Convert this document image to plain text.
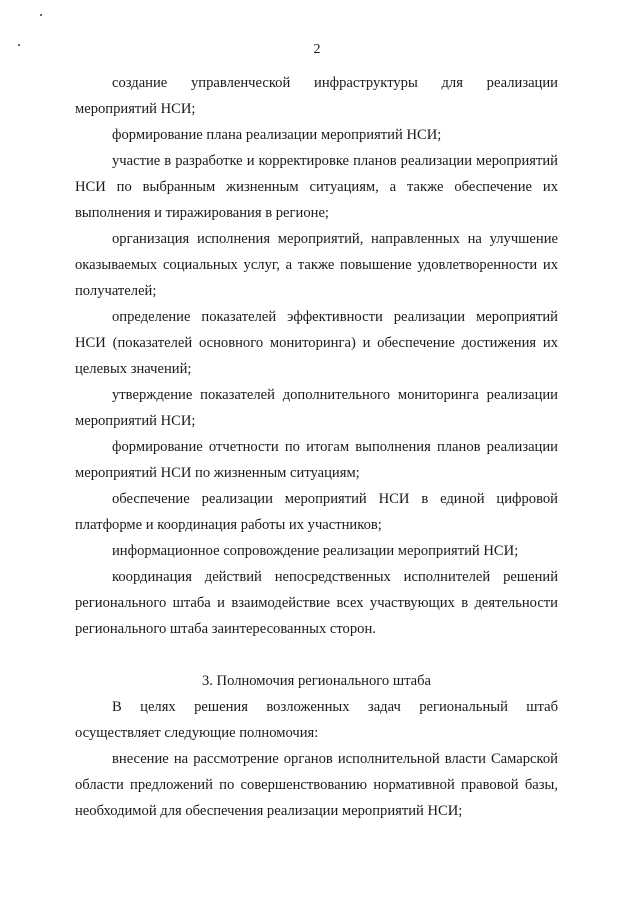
2

создание управленческой инфраструктуры для реализации мероприятий НСИ;

формирование плана реализации мероприятий НСИ;

участие в разработке и корректировке планов реализации мероприятий НСИ по выбранным жизненным ситуациям, а также обеспечение их выполнения и тиражирования в регионе;

организация исполнения мероприятий, направленных на улучшение оказываемых социальных услуг, а также повышение удовлетворенности их получателей;

определение показателей эффективности реализации мероприятий НСИ (показателей основного мониторинга) и обеспечение достижения их целевых значений;

утверждение показателей дополнительного мониторинга реализации мероприятий НСИ;

формирование отчетности по итогам выполнения планов реализации мероприятий НСИ по жизненным ситуациям;

обеспечение реализации мероприятий НСИ в единой цифровой платформе и координация работы их участников;

информационное сопровождение реализации мероприятий НСИ;

координация действий непосредственных исполнителей решений регионального штаба и взаимодействие всех участвующих в деятельности регионального штаба заинтересованных сторон.

3. Полномочия регионального штаба

В целях решения возложенных задач региональный штаб осуществляет следующие полномочия:

внесение на рассмотрение органов исполнительной власти Самарской области предложений по совершенствованию нормативной правовой базы, необходимой для обеспечения реализации мероприятий НСИ;
